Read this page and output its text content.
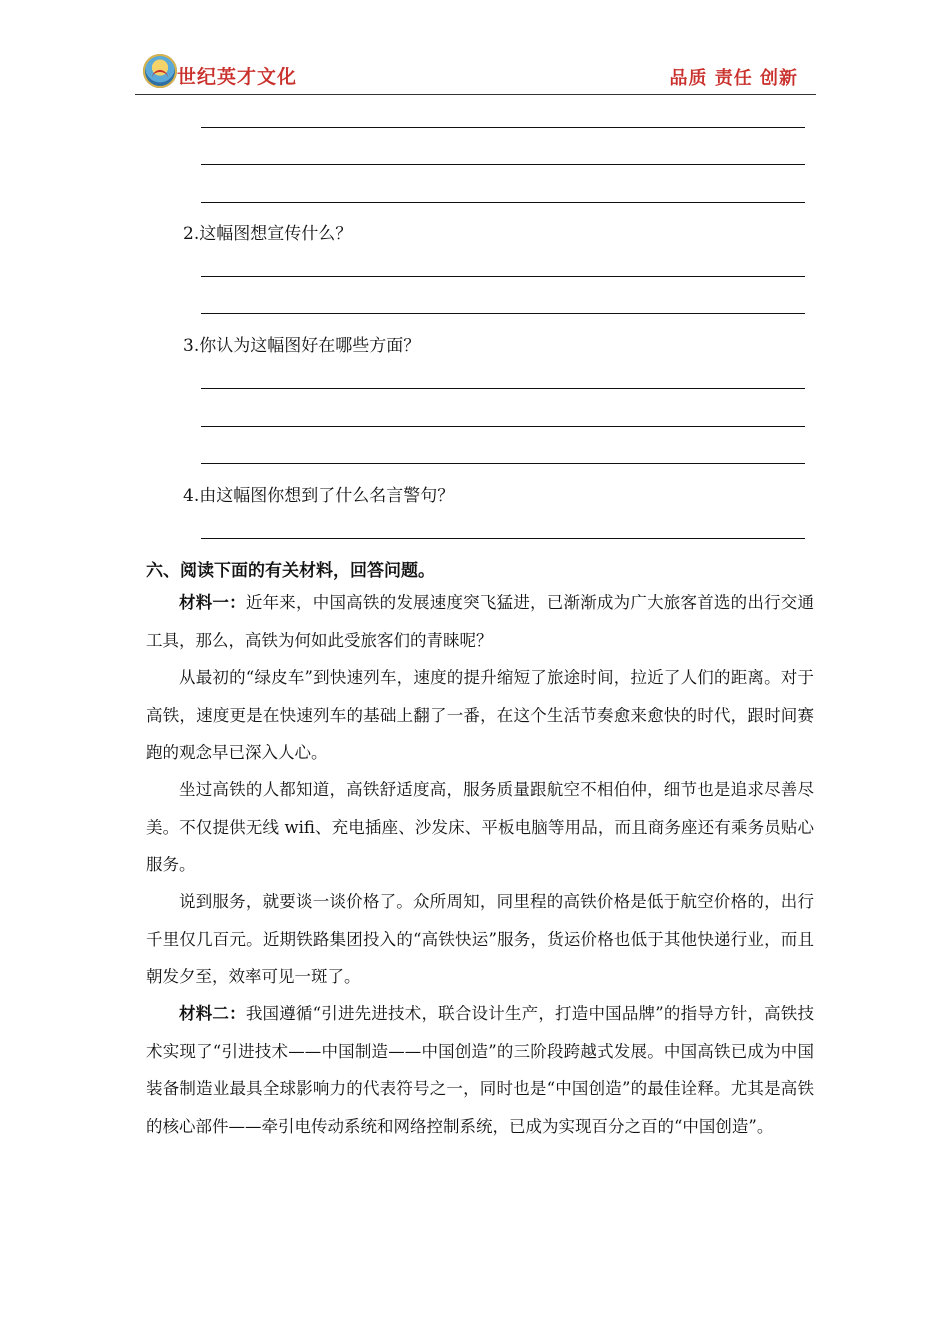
世纪英才文化	品质 责任 创新
2.这幅图想宣传什么？
3.你认为这幅图好在哪些方面？
4.由这幅图你想到了什么名言警句？
六、阅读下面的有关材料，回答问题。

材料一：近年来，中国高铁的发展速度突飞猛进，已渐渐成为广大旅客首选的出行交通工具，那么，高铁为何如此受旅客们的青睐呢？

从最初的“绿皮车”到快速列车，速度的提升缩短了旅途时间，拉近了人们的距离。对于高铁，速度更是在快速列车的基础上翻了一番，在这个生活节奏愈来愈快的时代，跟时间赛跑的观念早已深入人心。

坐过高铁的人都知道，高铁舒适度高，服务质量跟航空不相伯仲，细节也是追求尽善尽美。不仅提供无线 wifi、充电插座、沙发床、平板电脑等用品，而且商务座还有乘务员贴心服务。

说到服务，就要谈一谈价格了。众所周知，同里程的高铁价格是低于航空价格的，出行千里仅几百元。近期铁路集团投入的“高铁快运”服务，货运价格也低于其他快递行业，而且朝发夕至，效率可见一斑了。

材料二：我国遵循“引进先进技术，联合设计生产，打造中国品牌”的指导方针，高铁技术实现了“引进技术——中国制造——中国创造”的三阶段跨越式发展。中国高铁已成为中国装备制造业最具全球影响力的代表符号之一，同时也是“中国创造”的最佳诠释。尤其是高铁的核心部件——牵引电传动系统和网络控制系统，已成为实现百分之百的“中国创造”。
